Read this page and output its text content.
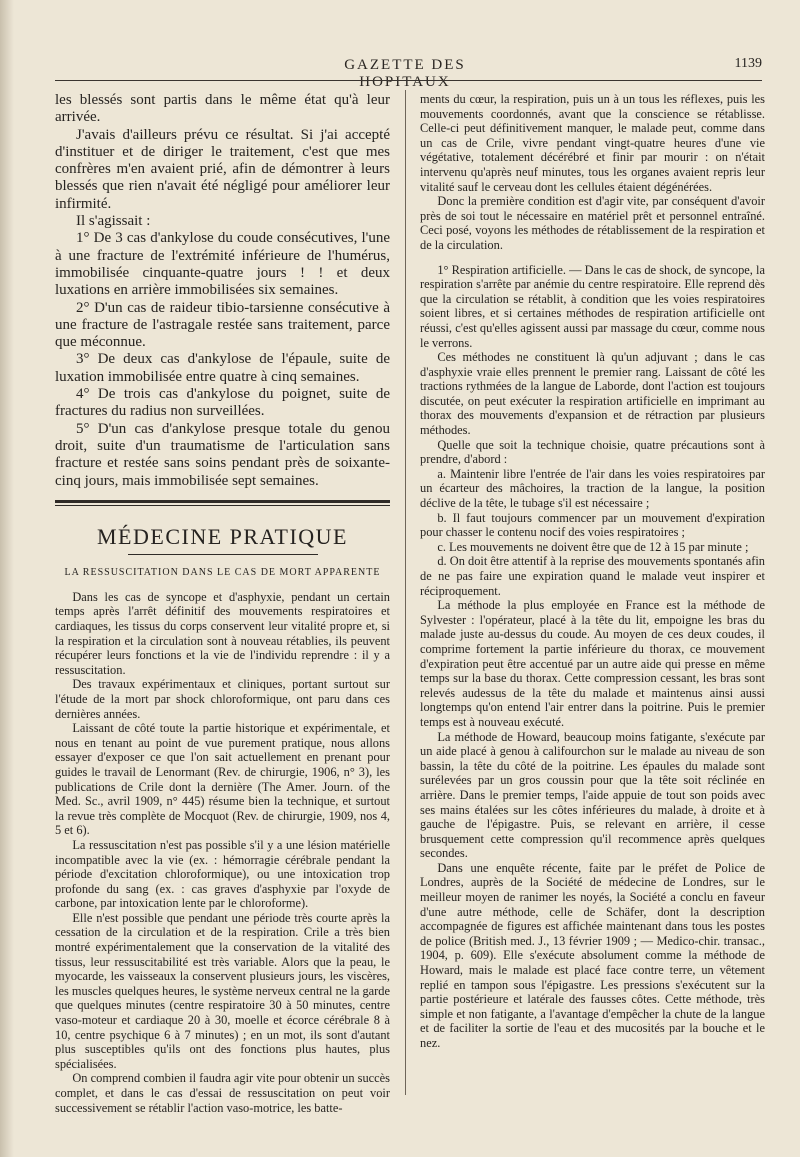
GAZETTE DES HOPITAUX
1139

les blessés sont partis dans le même état qu'à leur arrivée.

J'avais d'ailleurs prévu ce résultat. Si j'ai accepté d'instituer et de diriger le traitement, c'est que mes confrères m'en avaient prié, afin de démontrer à leurs blessés que rien n'avait été négligé pour améliorer leur infirmité.

Il s'agissait :

1° De 3 cas d'ankylose du coude consécutives, l'une à une fracture de l'extrémité inférieure de l'humérus, immobilisée cinquante-quatre jours ! ! et deux luxations en arrière immobilisées six semaines.

2° D'un cas de raideur tibio-tarsienne consécutive à une fracture de l'astragale restée sans traitement, parce que méconnue.

3° De deux cas d'ankylose de l'épaule, suite de luxation immobilisée entre quatre à cinq semaines.

4° De trois cas d'ankylose du poignet, suite de fractures du radius non surveillées.

5° D'un cas d'ankylose presque totale du genou droit, suite d'un traumatisme de l'articulation sans fracture et restée sans soins pendant près de soixante-cinq jours, mais immobilisée sept semaines.

MÉDECINE PRATIQUE
LA RESSUSCITATION DANS LE CAS DE MORT APPARENTE

Dans les cas de syncope et d'asphyxie, pendant un certain temps après l'arrêt définitif des mouvements respiratoires et cardiaques, les tissus du corps conservent leur vitalité propre et, si la respiration et la circulation sont à nouveau rétablies, ils peuvent récupérer leurs fonctions et la vie de l'individu reprendre : il y a ressuscitation.

Des travaux expérimentaux et cliniques, portant surtout sur l'étude de la mort par shock chloroformique, ont paru dans ces dernières années.

Laissant de côté toute la partie historique et expérimentale, et nous en tenant au point de vue purement pratique, nous allons essayer d'exposer ce que l'on sait actuellement en prenant pour guides le travail de Lenormant (Rev. de chirurgie, 1906, n° 3), les publications de Crile dont la dernière (The Amer. Journ. of the Med. Sc., avril 1909, n° 445) résume bien la technique, et surtout la revue très complète de Mocquot (Rev. de chirurgie, 1909, nos 4, 5 et 6).

La ressuscitation n'est pas possible s'il y a une lésion matérielle incompatible avec la vie (ex. : hémorragie cérébrale pendant la période d'excitation chloroformique), ou une intoxication trop profonde du sang (ex. : cas graves d'asphyxie par l'oxyde de carbone, par intoxication lente par le chloroforme).

Elle n'est possible que pendant une période très courte après la cessation de la circulation et de la respiration. Crile a très bien montré expérimentalement que la conservation de la vitalité des tissus, leur ressuscitabilité est très variable. Alors que la peau, le myocarde, les vaisseaux la conservent plusieurs jours, les viscères, les muscles quelques heures, le système nerveux central ne la garde que quelques minutes (centre respiratoire 30 à 50 minutes, centre vaso-moteur et cardiaque 20 à 30, moelle et écorce cérébrale 8 à 10, centre psychique 6 à 7 minutes) ; en un mot, ils sont d'autant plus susceptibles qu'ils ont des fonctions plus hautes, plus spécialisées.

On comprend combien il faudra agir vite pour obtenir un succès complet, et dans le cas d'essai de ressuscitation on peut voir successivement se rétablir l'action vaso-motrice, les batte-

ments du cœur, la respiration, puis un à un tous les réflexes, puis les mouvements coordonnés, avant que la conscience se rétablisse. Celle-ci peut définitivement manquer, le malade peut, comme dans un cas de Crile, vivre pendant vingt-quatre heures d'une vie végétative, totalement décérébré et finir par mourir : on n'était intervenu qu'après neuf minutes, tous les organes avaient repris leur vitalité sauf le cerveau dont les cellules étaient dégénérées.

Donc la première condition est d'agir vite, par conséquent d'avoir près de soi tout le nécessaire en matériel prêt et personnel entraîné. Ceci posé, voyons les méthodes de rétablissement de la respiration et de la circulation.

1° Respiration artificielle. — Dans le cas de shock, de syncope, la respiration s'arrête par anémie du centre respiratoire. Elle reprend dès que la circulation se rétablit, à condition que les voies respiratoires soient libres, et si certaines méthodes de respiration artificielle ont réussi, c'est qu'elles agissent aussi par massage du cœur, comme nous le verrons.

Ces méthodes ne constituent là qu'un adjuvant ; dans le cas d'asphyxie vraie elles prennent le premier rang. Laissant de côté les tractions rythmées de la langue de Laborde, dont l'action est toujours discutée, on peut exécuter la respiration artificielle en imprimant au thorax des mouvements d'expansion et de rétraction par plusieurs méthodes.

Quelle que soit la technique choisie, quatre précautions sont à prendre, d'abord :

a. Maintenir libre l'entrée de l'air dans les voies respiratoires par un écarteur des mâchoires, la traction de la langue, la position déclive de la tête, le tubage s'il est nécessaire ;

b. Il faut toujours commencer par un mouvement d'expiration pour chasser le contenu nocif des voies respiratoires ;

c. Les mouvements ne doivent être que de 12 à 15 par minute ;

d. On doit être attentif à la reprise des mouvements spontanés afin de ne pas faire une expiration quand le malade veut inspirer et réciproquement.

La méthode la plus employée en France est la méthode de Sylvester : l'opérateur, placé à la tête du lit, empoigne les bras du malade juste au-dessus du coude. Au moyen de ces deux coudes, il comprime fortement la partie inférieure du thorax, ce mouvement d'expiration peut être accentué par un autre aide qui presse en même temps sur la base du thorax. Cette compression cessant, les bras sont relevés audessus de la tête du malade et maintenus ainsi aussi longtemps qu'on entend l'air entrer dans la poitrine. Puis le premier temps est à nouveau exécuté.

La méthode de Howard, beaucoup moins fatigante, s'exécute par un aide placé à genou à califourchon sur le malade au niveau de son bassin, la tête du côté de la poitrine. Les épaules du malade sont surélevées par un gros coussin pour que la tête soit réclinée en arrière. Dans le premier temps, l'aide appuie de tout son poids avec ses mains étalées sur les côtes inférieures du malade, à droite et à gauche de l'épigastre. Puis, se relevant en arrière, il cesse brusquement cette compression qu'il recommence après quelques secondes.

Dans une enquête récente, faite par le préfet de Police de Londres, auprès de la Société de médecine de Londres, sur le meilleur moyen de ranimer les noyés, la Société a conclu en faveur d'une autre méthode, celle de Schäfer, dont la description accompagnée de figures est affichée maintenant dans tous les postes de police (British med. J., 13 février 1909 ; — Medico-chir. transac., 1904, p. 609). Elle s'exécute absolument comme la méthode de Howard, mais le malade est placé face contre terre, un vêtement replié en tampon sous l'épigastre. Les pressions s'exécutent sur la partie postérieure et latérale des fausses côtes. Cette méthode, très simple et non fatigante, a l'avantage d'empêcher la chute de la langue et de faciliter la sortie de l'eau et des mucosités par la bouche et le nez.
